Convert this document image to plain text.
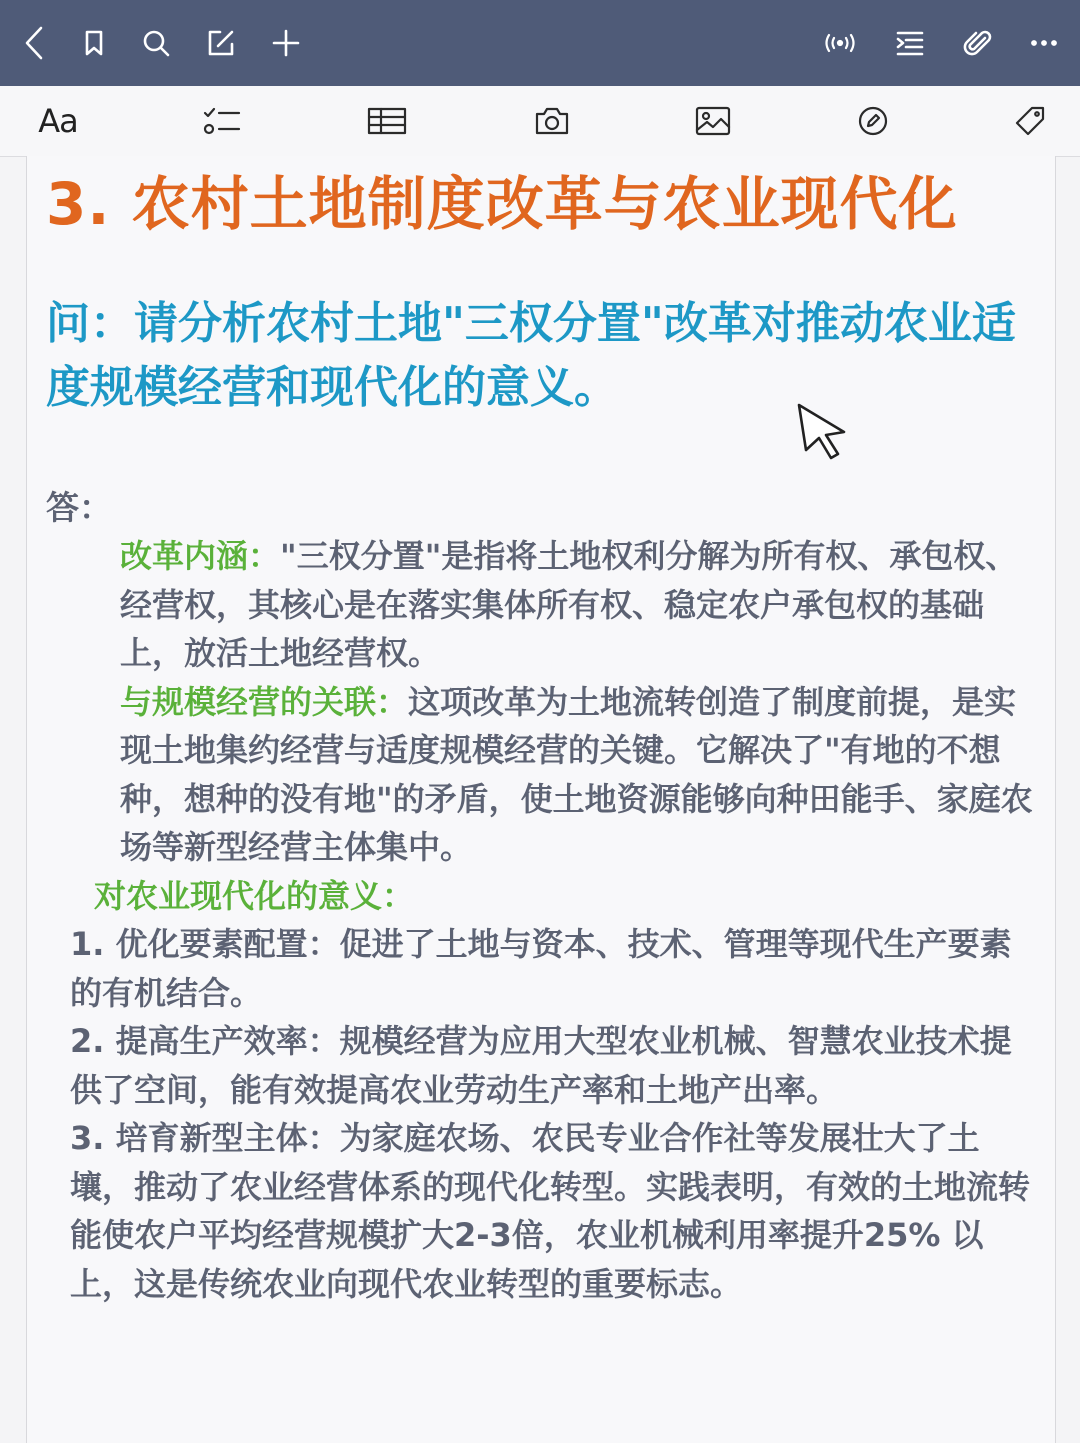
Aa
3. 农村土地制度改革与农业现代化
问：请分析农村土地"三权分置"改革对推动农业适度规模经营和现代化的意义。
答：

改革内涵："三权分置"是指将土地权利分解为所有权、承包权、经营权，其核心是在落实集体所有权、稳定农户承包权的基础上，放活土地经营权。

与规模经营的关联：这项改革为土地流转创造了制度前提，是实现土地集约经营与适度规模经营的关键。它解决了"有地的不想种，想种的没有地"的矛盾，使土地资源能够向种田能手、家庭农场等新型经营主体集中。

对农业现代化的意义：

1. 优化要素配置：促进了土地与资本、技术、管理等现代生产要素的有机结合。

2. 提高生产效率：规模经营为应用大型农业机械、智慧农业技术提供了空间，能有效提高农业劳动生产率和土地产出率。

3. 培育新型主体：为家庭农场、农民专业合作社等发展壮大了土壤，推动了农业经营体系的现代化转型。实践表明，有效的土地流转能使农户平均经营规模扩大2-3倍，农业机械利用率提升25% 以上，这是传统农业向现代农业转型的重要标志。
